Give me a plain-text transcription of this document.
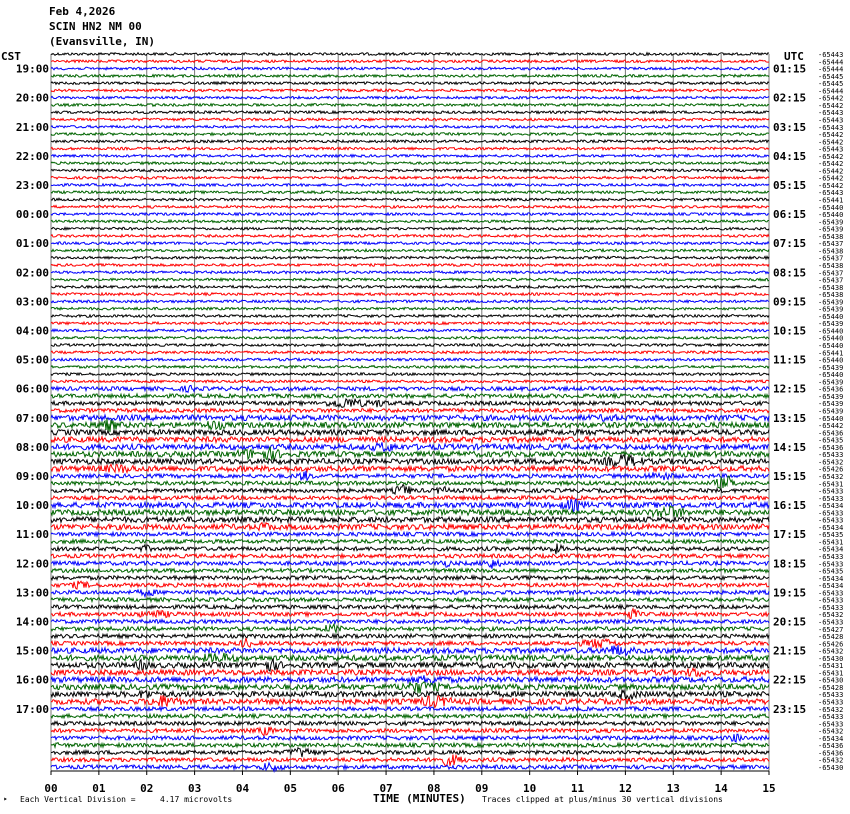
Feb 4,2026
SCIN HN2 NM 00
(Evansville, IN)
CST	UTC
00	01	02	03	04	05	06	07	08	09	10	11	12	13	14	15
-65443
-65444
-65444
-65445
-65445
-65444
-65442
-65442
-65443
-65443
-65443
-65442
-65442
-65443
-65442
-65442
-65442
-65442
-65442
-65443
-65441
-65440
-65440
-65439
-65439
-65438
-65437
-65438
-65437
-65438
-65437
-65437
-65438
-65438
-65439
-65439
-65440
-65439
-65440
-65440
-65440
-65441
-65440
-65439
-65440
-65439
-65436
-65439
-65439
-65439
-65440
-65442
-65436
-65435
-65436
-65433
-65432
-65426
-65432
-65431
-65433
-65433
-65434
-65433
-65433
-65434
-65435
-65431
-65434
-65433
-65433
-65435
-65434
-65434
-65433
-65433
-65433
-65432
-65433
-65427
-65428
-65426
-65432
-65430
-65431
-65431
-65430
-65428
-65433
-65433
-65432
-65433
-65433
-65432
-65434
-65436
-65436
-65432
-65430
19:00
20:00
21:00
22:00
23:00
00:00
01:00
02:00
03:00
04:00
05:00
06:00
07:00
08:00
09:00
10:00
11:00
12:00
13:00
14:00
15:00
16:00
17:00
01:15
02:15
03:15
04:15
05:15
06:15
07:15
08:15
09:15
10:15
11:15
12:15
13:15
14:15
15:15
16:15
17:15
18:15
19:15
20:15
21:15
22:15
23:15
‣ Each Vertical Division =	4.17 microvolts	TIME (MINUTES) Traces clipped at plus/minus 30 vertical divisions
